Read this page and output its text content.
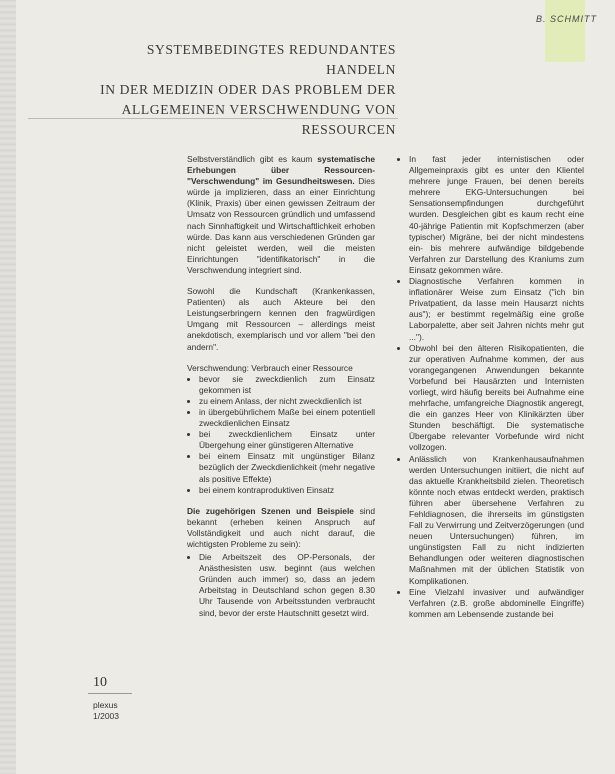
B. SCHMITT
SYSTEMBEDINGTES REDUNDANTES HANDELN
IN DER MEDIZIN ODER DAS PROBLEM DER
ALLGEMEINEN VERSCHWENDUNG VON
RESSOURCEN

Selbstverständlich gibt es kaum systematische Erhebungen über Ressourcen-"Verschwendung" im Gesundheitswesen. Dies würde ja implizieren, dass an einer Einrichtung (Klinik, Praxis) über einen gewissen Zeitraum der Umsatz von Ressourcen gründlich und umfassend nach Sinnhaftigkeit und Wirtschaftlichkeit erhoben würde. Das kann aus verschiedenen Gründen gar nicht geleistet werden, weil die meisten Einrichtungen "identifikatorisch" in die Verschwendung integriert sind.

Sowohl die Kundschaft (Krankenkassen, Patienten) als auch Akteure bei den Leistungserbringern kennen den fragwürdigen Umgang mit Ressourcen – allerdings meist anekdotisch, exemplarisch und vor allem "bei den andern".

Verschwendung: Verbrauch einer Ressource
• bevor sie zweckdienlich zum Einsatz gekommen ist
• zu einem Anlass, der nicht zweckdienlich ist
• in übergebührlichem Maße bei einem potentiell zweckdienlichen Einsatz
• bei zweckdienlichem Einsatz unter Übergehung einer günstigeren Alternative
• bei einem Einsatz mit ungünstiger Bilanz bezüglich der Zweckdienlichkeit (mehr negative als positive Effekte)
• bei einem kontraproduktiven Einsatz

Die zugehörigen Szenen und Beispiele sind bekannt (erheben keinen Anspruch auf Vollständigkeit und auch nicht darauf, die wichtigsten Probleme zu sein):

• Die Arbeitszeit des OP-Personals, der Anästhesisten usw. beginnt (aus welchen Gründen auch immer) so, dass an jedem Arbeitstag in Deutschland schon gegen 8.30 Uhr Tausende von Arbeitsstunden verbraucht sind, bevor der erste Hautschnitt gesetzt wird.
• In fast jeder internistischen oder Allgemeinpraxis gibt es unter den Klientel mehrere junge Frauen, bei denen bereits mehrere EKG-Untersuchungen bei Sensationsempfindungen durchgeführt wurden. Desgleichen gibt es kaum recht eine 40-jährige Patientin mit Kopfschmerzen (aber typischer) Migräne, bei der nicht mindestens ein- bis mehrere aufwändige bildgebende Verfahren zur Darstellung des Kraniums zum Einsatz gekommen wäre.
• Diagnostische Verfahren kommen in inflationärer Weise zum Einsatz ("ich bin Privatpatient, da lasse mein Hausarzt nichts aus"); er bestimmt regelmäßig eine große Laborpalette, aber seit Jahren nichts mehr gut ...").
• Obwohl bei den älteren Risikopatienten, die zur operativen Aufnahme kommen, der aus vorangegangenen Anwendungen bekannte Vorbefund bei Hausärzten und Internisten vorliegt, wird häufig bereits bei Aufnahme eine mehrfache, umfangreiche Diagnostik angeregt, die ein ganzes Heer von Klinikärzten über Stunden beschäftigt. Die systematische Übergabe relevanter Vorbefunde wird nicht vollzogen.
• Anlässlich von Krankenhausaufnahmen werden Untersuchungen initiiert, die nicht auf das aktuelle Krankheitsbild zielen. Theoretisch könnte noch etwas entdeckt werden, praktisch führen aber übersehene Verfahren zu Fehldiagnosen, die ihrerseits im günstigsten Fall zu Verwirrung und Zeitverzögerungen (und neuen Untersuchungen) führen, im ungünstigsten Fall zu nicht indizierten Behandlungen oder weiteren diagnostischen Maßnahmen mit der üblichen Statistik von Komplikationen.
• Eine Vielzahl invasiver und aufwändiger Verfahren (z.B. große abdominelle Eingriffe) kommen am Lebensende zustande bei
10
plexus
1/2003
